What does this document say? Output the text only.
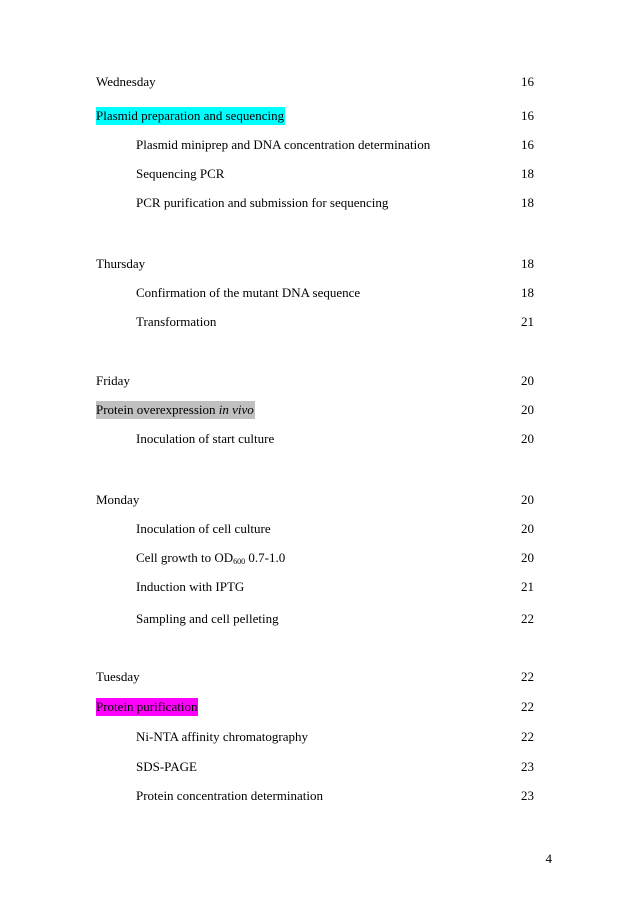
Wednesday	16
Plasmid preparation and sequencing	16
Plasmid miniprep and DNA concentration determination	16
Sequencing PCR	18
PCR purification and submission for sequencing	18
Thursday	18
Confirmation of the mutant DNA sequence	18
Transformation	21
Friday	20
Protein overexpression in vivo	20
Inoculation of start culture	20
Monday	20
Inoculation of cell culture	20
Cell growth to $OD_{600}$ 0.7-1.0	20
Induction with IPTG	21
Sampling and cell pelleting	22
Tuesday	22
Protein purification	22
Ni-NTA affinity chromatography	22
SDS-PAGE	23
Protein concentration determination	23
4
